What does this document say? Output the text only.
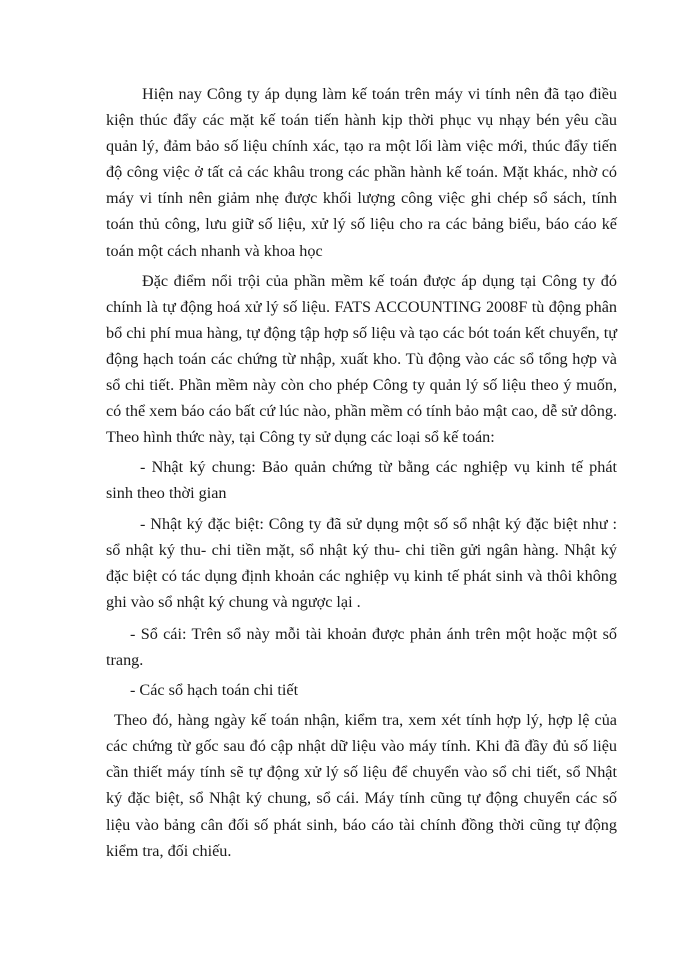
Hiện nay Công ty áp dụng làm kế toán trên máy vi tính nên đã tạo điều kiện thúc đẩy các mặt kế toán tiến hành kịp thời phục vụ nhạy bén yêu cầu quản lý, đảm bảo số liệu chính xác, tạo ra một lối làm việc mới, thúc đẩy tiến độ công việc ở tất cả các khâu trong các phần hành kế toán. Mặt khác, nhờ có máy vi tính nên giảm nhẹ được khối lượng công việc ghi chép sổ sách, tính toán thủ công, lưu giữ số liệu, xử lý số liệu cho ra các bảng biểu, báo cáo kế toán một cách nhanh và khoa học

Đặc điểm nổi trội của phần mềm kế toán được áp dụng tại Công ty đó chính là tự động hoá xử lý số liệu. FATS ACCOUNTING 2008F tù động phân bổ chi phí mua hàng, tự động tập hợp số liệu và tạo các bót toán kết chuyển, tự động hạch toán các chứng từ nhập, xuất kho. Tù động vào các sổ tổng hợp và sổ chi tiết. Phần mềm này còn cho phép Công ty quản lý số liệu theo ý muốn, có thể xem báo cáo bất cứ lúc nào, phần mềm có tính bảo mật cao, dễ sử dông. Theo hình thức này, tại Công ty sử dụng các loại sổ kế toán:

- Nhật ký chung: Bảo quản chứng từ bằng các nghiệp vụ kinh tế phát sinh theo thời gian

- Nhật ký đặc biệt: Công ty đã sử dụng một số sổ nhật ký đặc biệt như : sổ nhật ký thu- chi tiền mặt, sổ nhật ký thu- chi tiền gửi ngân hàng. Nhật ký đặc biệt có tác dụng định khoản các nghiệp vụ kinh tế phát sinh và thôi không ghi vào sổ nhật ký chung và ngược lại .

- Sổ cái: Trên sổ này mỗi tài khoản được phản ánh trên một hoặc một số trang.

- Các sổ hạch toán chi tiết

Theo đó, hàng ngày kế toán nhận, kiểm tra, xem xét tính hợp lý, hợp lệ của các chứng từ gốc sau đó cập nhật dữ liệu vào máy tính. Khi đã đầy đủ số liệu cần thiết máy tính sẽ tự động xử lý số liệu để chuyển vào sổ chi tiết, sổ Nhật ký đặc biệt, sổ Nhật ký chung, sổ cái. Máy tính cũng tự động chuyển các số liệu vào bảng cân đối số phát sinh, báo cáo tài chính đồng thời cũng tự động kiểm tra, đối chiếu.
